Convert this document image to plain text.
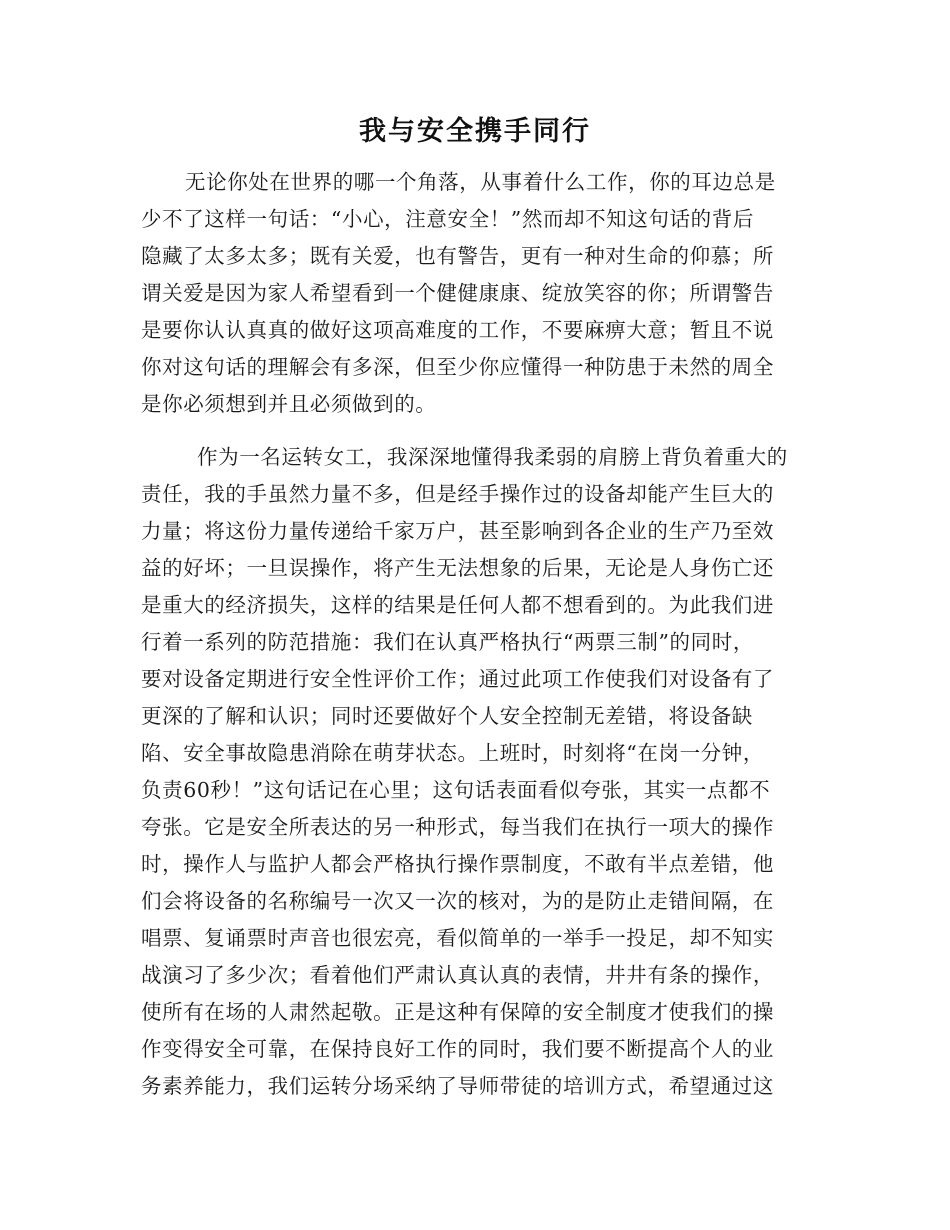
我与安全携手同行
无论你处在世界的哪一个角落，从事着什么工作，你的耳边总是
少不了这样一句话：“小心，注意安全！”然而却不知这句话的背后
隐藏了太多太多；既有关爱，也有警告，更有一种对生命的仰慕；所
谓关爱是因为家人希望看到一个健健康康、绽放笑容的你；所谓警告
是要你认认真真的做好这项高难度的工作，不要麻痹大意；暂且不说
你对这句话的理解会有多深，但至少你应懂得一种防患于未然的周全
是你必须想到并且必须做到的。
作为一名运转女工，我深深地懂得我柔弱的肩膀上背负着重大的
责任，我的手虽然力量不多，但是经手操作过的设备却能产生巨大的
力量；将这份力量传递给千家万户，甚至影响到各企业的生产乃至效
益的好坏；一旦误操作，将产生无法想象的后果，无论是人身伤亡还
是重大的经济损失，这样的结果是任何人都不想看到的。为此我们进
行着一系列的防范措施：我们在认真严格执行“两票三制”的同时，
要对设备定期进行安全性评价工作；通过此项工作使我们对设备有了
更深的了解和认识；同时还要做好个人安全控制无差错，将设备缺
陷、安全事故隐患消除在萌芽状态。上班时，时刻将“在岗一分钟，
负责60秒！”这句话记在心里；这句话表面看似夸张，其实一点都不
夸张。它是安全所表达的另一种形式，每当我们在执行一项大的操作
时，操作人与监护人都会严格执行操作票制度，不敢有半点差错，他
们会将设备的名称编号一次又一次的核对，为的是防止走错间隔，在
唱票、复诵票时声音也很宏亮，看似简单的一举手一投足，却不知实
战演习了多少次；看着他们严肃认真认真的表情，井井有条的操作，
使所有在场的人肃然起敬。正是这种有保障的安全制度才使我们的操
作变得安全可靠，在保持良好工作的同时，我们要不断提高个人的业
务素养能力，我们运转分场采纳了导师带徒的培训方式，希望通过这
